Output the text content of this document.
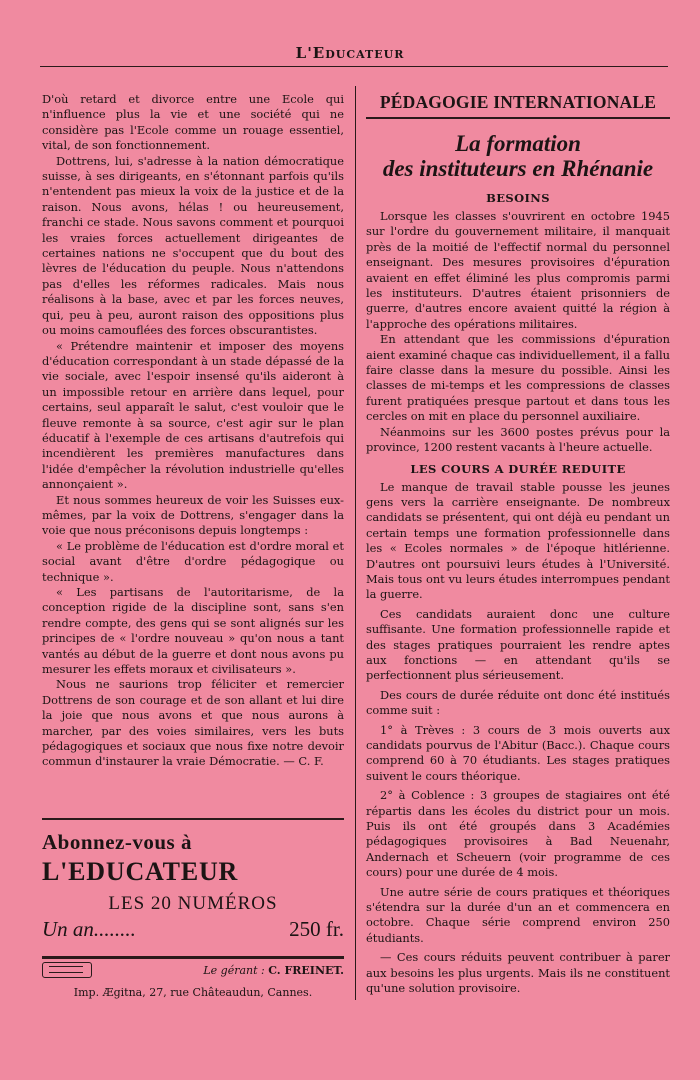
L'Educateur

D'où retard et divorce entre une Ecole qui n'influence plus la vie et une société qui ne considère pas l'Ecole comme un rouage essentiel, vital, de son fonctionnement.

Dottrens, lui, s'adresse à la nation démocratique suisse, à ses dirigeants, en s'étonnant parfois qu'ils n'entendent pas mieux la voix de la justice et de la raison. Nous avons, hélas ! ou heureusement, franchi ce stade. Nous savons comment et pourquoi les vraies forces actuellement dirigeantes de certaines nations ne s'occupent que du bout des lèvres de l'éducation du peuple. Nous n'attendons pas d'elles les réformes radicales. Mais nous réalisons à la base, avec et par les forces neuves, qui, peu à peu, auront raison des oppositions plus ou moins camouflées des forces obscurantistes.

« Prétendre maintenir et imposer des moyens d'éducation correspondant à un stade dépassé de la vie sociale, avec l'espoir insensé qu'ils aideront à un impossible retour en arrière dans lequel, pour certains, seul apparaît le salut, c'est vouloir que le fleuve remonte à sa source, c'est agir sur le plan éducatif à l'exemple de ces artisans d'autrefois qui incendièrent les premières manufactures dans l'idée d'empêcher la révolution industrielle qu'elles annonçaient ».

Et nous sommes heureux de voir les Suisses eux-mêmes, par la voix de Dottrens, s'engager dans la voie que nous préconisons depuis longtemps :

« Le problème de l'éducation est d'ordre moral et social avant d'être d'ordre pédagogique ou technique ».

« Les partisans de l'autoritarisme, de la conception rigide de la discipline sont, sans s'en rendre compte, des gens qui se sont alignés sur les principes de « l'ordre nouveau » qu'on nous a tant vantés au début de la guerre et dont nous avons pu mesurer les effets moraux et civilisateurs ».

Nous ne saurions trop féliciter et remercier Dottrens de son courage et de son allant et lui dire la joie que nous avons et que nous aurons à marcher, par des voies similaires, vers les buts pédagogiques et sociaux que nous fixe notre devoir commun d'instaurer la vraie Démocratie. — C. F.

Abonnez-vous à
L'EDUCATEUR
LES 20 NUMÉROS
Un an........	250 fr.
Le gérant : C. FREINET.
Imp. Ægitna, 27, rue Châteaudun, Cannes.
PÉDAGOGIE INTERNATIONALE
La formation
des instituteurs en Rhénanie
BESOINS

Lorsque les classes s'ouvrirent en octobre 1945 sur l'ordre du gouvernement militaire, il manquait près de la moitié de l'effectif normal du personnel enseignant. Des mesures provisoires d'épuration avaient en effet éliminé les plus compromis parmi les instituteurs. D'autres étaient prisonniers de guerre, d'autres encore avaient quitté la région à l'approche des opérations militaires.

En attendant que les commissions d'épuration aient examiné chaque cas individuellement, il a fallu faire classe dans la mesure du possible. Ainsi les classes de mi-temps et les compressions de classes furent pratiquées presque partout et dans tous les cercles on mit en place du personnel auxiliaire.

Néanmoins sur les 3600 postes prévus pour la province, 1200 restent vacants à l'heure actuelle.

LES COURS A DURÉE REDUITE

Le manque de travail stable pousse les jeunes gens vers la carrière enseignante. De nombreux candidats se présentent, qui ont déjà eu pendant un certain temps une formation professionnelle dans les « Ecoles normales » de l'époque hitlérienne. D'autres ont poursuivi leurs études à l'Université. Mais tous ont vu leurs études interrompues pendant la guerre.

Ces candidats auraient donc une culture suffisante. Une formation professionnelle rapide et des stages pratiques pourraient les rendre aptes aux fonctions — en attendant qu'ils se perfectionnent plus sérieusement.

Des cours de durée réduite ont donc été institués comme suit :

1° à Trèves : 3 cours de 3 mois ouverts aux candidats pourvus de l'Abitur (Bacc.). Chaque cours comprend 60 à 70 étudiants. Les stages pratiques suivent le cours théorique.

2° à Coblence : 3 groupes de stagiaires ont été répartis dans les écoles du district pour un mois. Puis ils ont été groupés dans 3 Académies pédagogiques provisoires à Bad Neuenahr, Andernach et Scheuern (voir programme de ces cours) pour une durée de 4 mois.

Une autre série de cours pratiques et théoriques s'étendra sur la durée d'un an et commencera en octobre. Chaque série comprend environ 250 étudiants.

— Ces cours réduits peuvent contribuer à parer aux besoins les plus urgents. Mais ils ne constituent qu'une solution provisoire.
